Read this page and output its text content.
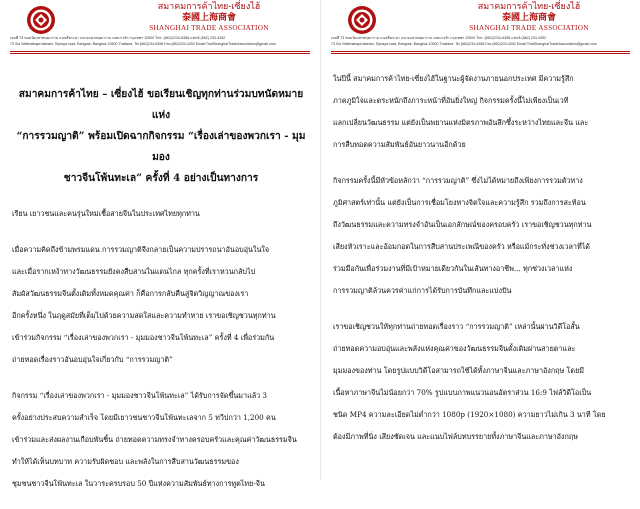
สมาคมการค้าไทย-เซี่ยงไฮ้
泰國上海商會
SHANGHAI TRADE ASSOCIATION
เลขที่ 73 ซอยวัดมหาพฤฒาราม ถนนสี่พระยา แขวงมหาพฤฒาราม เขตบางรัก กรุงเทพฯ 10500 โทร. (662)2234-6358 แฟกซ์ (662) 233-4392
73 Soi Wattmahapruttaram, Sipraya road, Bangrak, Bangkok 10500 Thailand. Tel.(662)234-6358 Fax.(662)233-4392 Email:ThaiShanghaiTradeAssociation@gmail.com
สมาคมการค้าไทย – เซี่ยงไฮ้ ขอเรียนเชิญทุกท่านร่วมบทนัดหมายแห่ง
“การรวมญาติ” พร้อมเปิดฉากกิจกรรม “เรื่องเล่าของพวกเรา - มุมมอง
ชาวจีนโพ้นทะเล” ครั้งที่ 4 อย่างเป็นทางการ

เรียน เยาวชนและคนรุ่นใหม่เชื้อสายจีนในประเทศไทยทุกท่าน

เมื่อความคิดถึงข้ามพรมแดน การรวมญาติจึงกลายเป็นความปรารถนาอันอบอุ่นในใจ

และเมื่อรากเหง้าทางวัฒนธรรมยังคงสืบสานในแดนไกล ทุกครั้งที่เราหวนกลับไป

สัมผัสวัฒนธรรมจีนตั้งเดิมทั้งหมดคุณค่า ก็คือการกลับคืนสู่จิตวิญญาณของเรา

อีกครั้งหนึ่ง ในฤดูสมัยที่เต็มไปด้วยความสดใสและความทำทาย เราขอเชิญชวนทุกท่าน

เข้าร่วมกิจกรรม “เรื่องเล่าของพวกเรา - มุมมองชาวจีนโพ้นทะเล” ครั้งที่ 4 เพื่อร่วมกัน

ถ่ายทอดเรื่องราวอันอบอุ่นใจเกี่ยวกับ “การรวมญาติ”

กิจกรรม “เรื่องเล่าของพวกเรา - มุมมองชาวจีนโพ้นทะเล” ได้รับการจัดขึ้นมาแล้ว 3

ครั้งอย่างประสบความสำเร็จ โดยมีเยาวชนชาวจีนโพ้นทะเลจาก 5 ทวีปกว่า 1,200 คน

เข้าร่วมและส่งผลงานเกือบพันชิ้น ถ่ายทอดความทรงจำทางครอบครัวและคุณค่าวัฒนธรรมจีน

ทำให้ได้เห็นบทบาท ความรับผิดชอบ และพลังในการสืบสานวัฒนธรรมของ

ชุมชนชาวจีนโพ้นทะเล ในวาระครบรอบ 50 ปีแห่งความสัมพันธ์ทางการทูตไทย-จีน

สมาคมการค้าไทย-เซี่ยงไฮ้
泰國上海商會
SHANGHAI TRADE ASSOCIATION
เลขที่ 73 ซอยวัดมหาพฤฒาราม ถนนสี่พระยา แขวงมหาพฤฒาราม เขตบางรัก กรุงเทพฯ 10500 โทร. (662)2234-6358 แฟกซ์ (662) 233-4392
73 Soi Wattmahapruttaram, Sipraya road, Bangrak, Bangkok 10500 Thailand. Tel.(662)234-6358 Fax.(662)233-4392 Email:ThaiShanghaiTradeAssociation@gmail.com

ในปีนี้ สมาคมการค้าไทย-เซี่ยงไฮ้ในฐานะผู้จัดงานภายนอกประเทศ มีความรู้สึก

ภาคภูมิใจและตระหนักถึงภาระหน้าที่อันยิ่งใหญ่ กิจกรรมครั้งนี้ไม่เพียงเป็นเวที

แลกเปลี่ยนวัฒนธรรม แต่ยังเป็นพยานแห่งมิตรภาพอันลึกซึ้งระหว่างไทยและจีน และ

การสืบทอดความสัมพันธ์อันยาวนานอีกด้วย

กิจกรรมครั้งนี้มีหัวข้อหลักว่า “การรวมญาติ” ซึ่งไม่ได้หมายถึงเพียงการรวมตัวทาง

ภูมิศาสตร์เท่านั้น แต่ยังเป็นการเชื่อมโยงทางจิตใจและความรู้สึก รวมถึงการสะท้อน

ถึงวัฒนธรรมและความทรงจำอันเป็นเอกลักษณ์ของครอบครัว เราขอเชิญชวนทุกท่าน

เสียงหัวเราะและอ้อมกอดในการสืบสานประเพณีของครัว หรือแม้กระทั่งช่วงเวลาที่ได้

ร่วมมือกันเพื่อร่วมงานที่มีเป้าหมายเดียวกันในเส้นทางอาชีพ... ทุกช่วงเวลาแห่ง

การรวมญาติล้วนควรค่าแก่การได้รับการบันทึกและแบ่งปัน

เราขอเชิญชวนให้ทุกท่านถ่ายทอดเรื่องราว “การรวมญาติ” เหล่านั้นผ่านวิดีโอสั้น

ถ่ายทอดความอบอุ่นและพลังแห่งคุณค่าของวัฒนธรรมจีนดั้งเดิมผ่านสายตาและ

มุมมองของท่าน โดยรูปแบบวิดีโอสามารถใช้ได้ทั้งภาษาจีนและภาษาอังกฤษ โดยมี

เนื้อหาภาษาจีนไม่น้อยกว่า 70% รูปแบบภาพแนวนอนอัตราส่วน 16:9 ไฟล์วิดีโอเป็น

ชนิด MP4 ความละเอียดไม่ต่ำกว่า 1080p (1920×1080) ความยาวไม่เกิน 3 นาที โดย

ต้องมีภาพที่นิ่ง เสียงชัดเจน และแนบไฟล์บทบรรยายทั้งภาษาจีนและภาษาอังกฤษ
